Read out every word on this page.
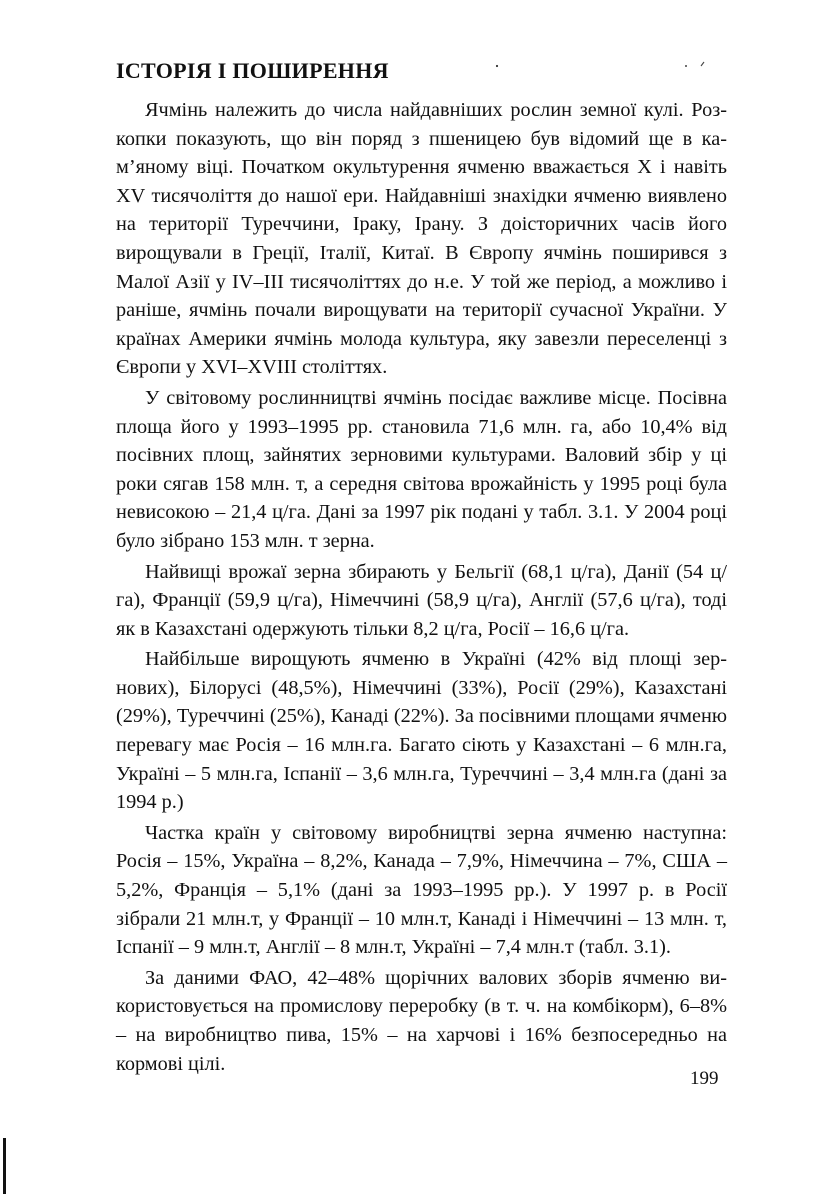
ІСТОРІЯ І ПОШИРЕННЯ

Ячмінь належить до числа найдавніших рослин земної кулі. Розкопки показують, що він поряд з пшеницею був відомий ще в кам’яному віці. Початком окультурення ячменю вважається X і навіть XV тисячоліття до нашої ери. Найдавніші знахідки ячменю виявлено на території Туреччини, Іраку, Ірану. З доісторичних часів його вирощували в Греції, Італії, Китаї. В Європу ячмінь поширився з Малої Азії у IV–III тисячоліттях до н.е. У той же період, а можливо і раніше, ячмінь почали вирощувати на території сучасної України. У країнах Америки ячмінь молода культура, яку завезли переселенці з Європи у XVI–XVIII століттях.

У світовому рослинництві ячмінь посідає важливе місце. Посівна площа його у 1993–1995 рр. становила 71,6 млн. га, або 10,4% від посівних площ, зайнятих зерновими культурами. Валовий збір у ці роки сягав 158 млн. т, а середня світова врожайність у 1995 році була невисокою – 21,4 ц/га. Дані за 1997 рік подані у табл. 3.1. У 2004 році було зібрано 153 млн. т зерна.

Найвищі врожаї зерна збирають у Бельгії (68,1 ц/га), Данії (54 ц/га), Франції (59,9 ц/га), Німеччині (58,9 ц/га), Англії (57,6 ц/га), тоді як в Казахстані одержують тільки 8,2 ц/га, Росії – 16,6 ц/га.

Найбільше вирощують ячменю в Україні (42% від площі зернових), Білорусі (48,5%), Німеччині (33%), Росії (29%), Казахстані (29%), Туреччині (25%), Канаді (22%). За посівними площами ячменю перевагу має Росія – 16 млн.га. Багато сіють у Казахстані – 6 млн.га, Україні – 5 млн.га, Іспанії – 3,6 млн.га, Туреччині – 3,4 млн.га (дані за 1994 р.)

Частка країн у світовому виробництві зерна ячменю наступна: Росія – 15%, Україна – 8,2%, Канада – 7,9%, Німеччина – 7%, США – 5,2%, Франція – 5,1% (дані за 1993–1995 рр.). У 1997 р. в Росії зібрали 21 млн.т, у Франції – 10 млн.т, Канаді і Німеччині – 13 млн. т, Іспанії – 9 млн.т, Англії – 8 млн.т, Україні – 7,4 млн.т (табл. 3.1).

За даними ФАО, 42–48% щорічних валових зборів ячменю використовується на промислову переробку (в т. ч. на комбікорм), 6–8% – на виробництво пива, 15% – на харчові і 16% безпосередньо на кормові цілі.

199
